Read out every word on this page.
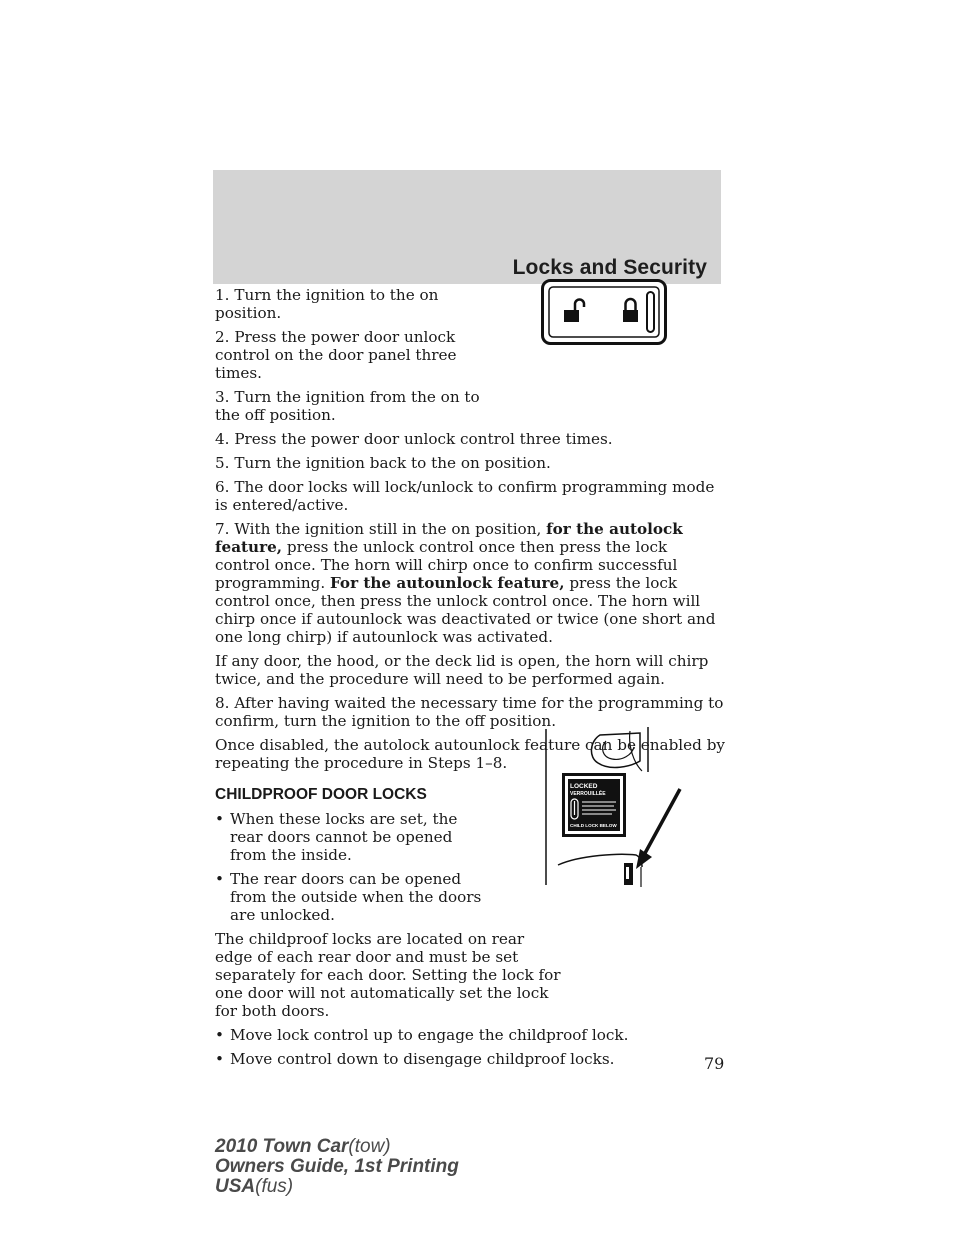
Locks and Security
LOCKED
VERROUILLÉE
CHILD LOCK BELOW

1. Turn the ignition to the on position.

2. Press the power door unlock control on the door panel three times.

3. Turn the ignition from the on to the off position.

4. Press the power door unlock control three times.

5. Turn the ignition back to the on position.

6. The door locks will lock/unlock to confirm programming mode is entered/active.

7. With the ignition still in the on position, for the autolock feature, press the unlock control once then press the lock control once. The horn will chirp once to confirm successful programming. For the autounlock feature, press the lock control once, then press the unlock control once. The horn will chirp once if autounlock was deactivated or twice (one short and one long chirp) if autounlock was activated.

If any door, the hood, or the deck lid is open, the horn will chirp twice, and the procedure will need to be performed again.

8. After having waited the necessary time for the programming to confirm, turn the ignition to the off position.

Once disabled, the autolock autounlock feature can be enabled by repeating the procedure in Steps 1–8.

CHILDPROOF DOOR LOCKS

• When these locks are set, the rear doors cannot be opened from the inside.

• The rear doors can be opened from the outside when the doors are unlocked.

The childproof locks are located on rear edge of each rear door and must be set separately for each door. Setting the lock for one door will not automatically set the lock for both doors.

• Move lock control up to engage the childproof lock.

• Move control down to disengage childproof locks.	79
2010 Town Car(tow)
Owners Guide, 1st Printing
USA(fus)
